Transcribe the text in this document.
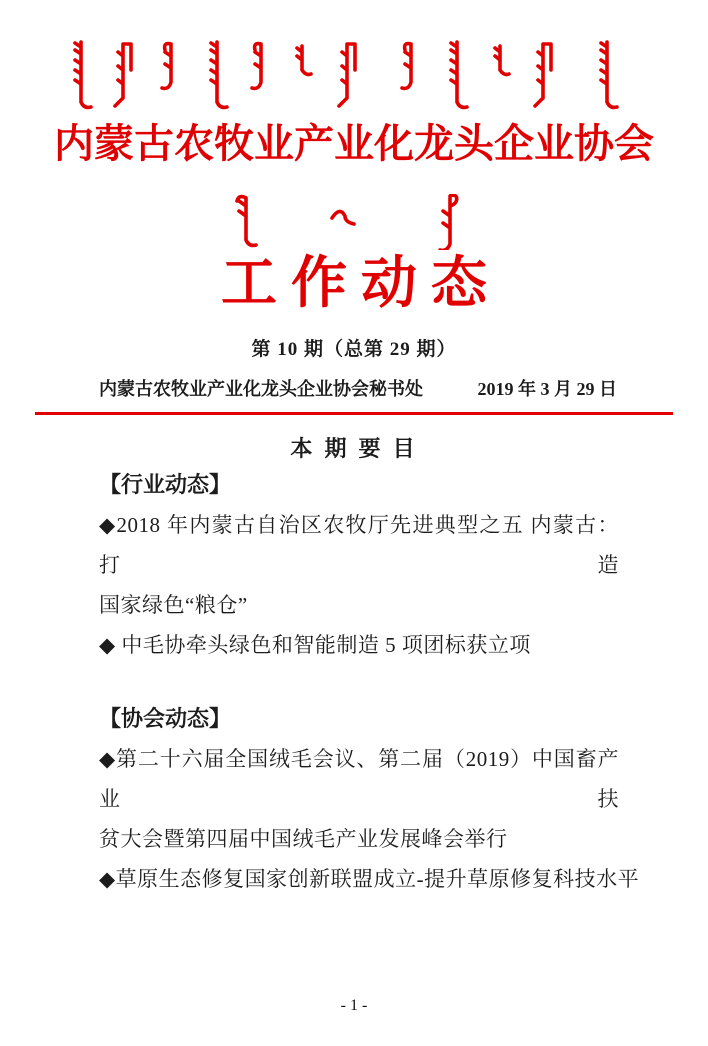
内蒙古农牧业产业化龙头企业协会
工作动态
第 10 期（总第 29 期）
内蒙古农牧业产业化龙头企业协会秘书处	2019 年 3 月 29 日
本 期 要 目
【行业动态】
◆2018 年内蒙古自治区农牧厅先进典型之五 内蒙古：打造
国家绿色“粮仓”
◆ 中毛协牵头绿色和智能制造 5 项团标获立项
【协会动态】
◆第二十六届全国绒毛会议、第二届（2019）中国畜产业扶
贫大会暨第四届中国绒毛产业发展峰会举行
◆草原生态修复国家创新联盟成立-提升草原修复科技水平
- 1 -
